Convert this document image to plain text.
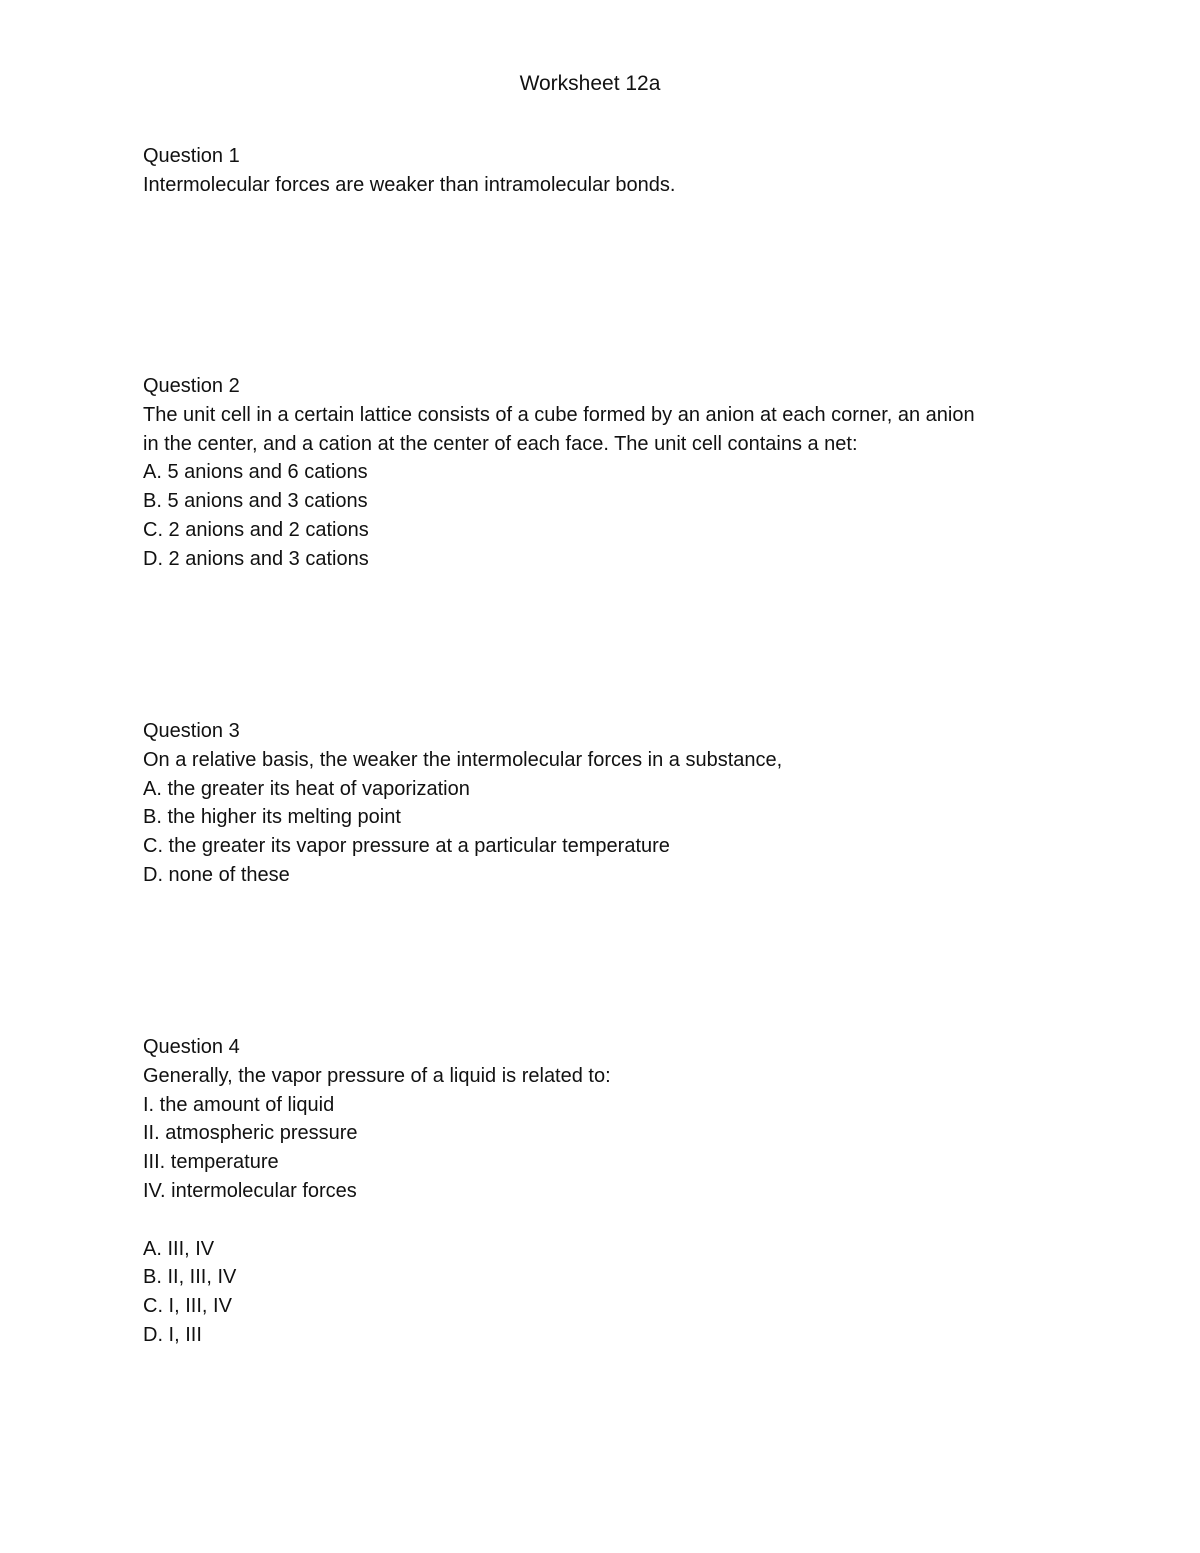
Worksheet 12a
Question 1
Intermolecular forces are weaker than intramolecular bonds.
Question 2
The unit cell in a certain lattice consists of a cube formed by an anion at each corner, an anion
in the center, and a cation at the center of each face. The unit cell contains a net:
A. 5 anions and 6 cations
B. 5 anions and 3 cations
C. 2 anions and 2 cations
D. 2 anions and 3 cations
Question 3
On a relative basis, the weaker the intermolecular forces in a substance,
A. the greater its heat of vaporization
B. the higher its melting point
C. the greater its vapor pressure at a particular temperature
D. none of these
Question 4
Generally, the vapor pressure of a liquid is related to:
I. the amount of liquid
II. atmospheric pressure
III. temperature
IV. intermolecular forces
A. III, IV
B. II, III, IV
C. I, III, IV
D. I, III
